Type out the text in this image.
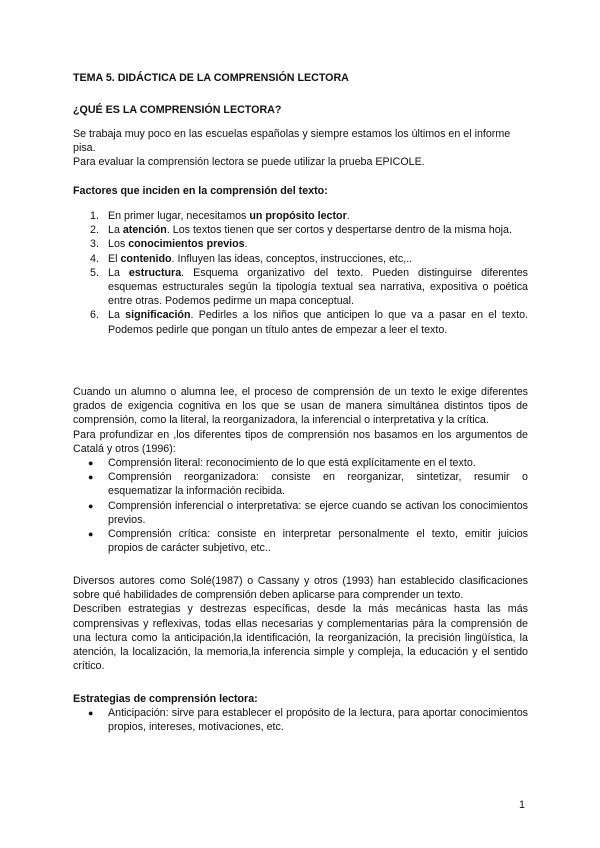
TEMA 5. DIDÁCTICA DE LA COMPRENSIÓN LECTORA
¿QUÉ ES LA COMPRENSIÓN LECTORA?

Se trabaja muy poco en las escuelas españolas y siempre estamos los últimos en el informe pisa.

Para evaluar la comprensión lectora se puede utilizar la prueba EPICOLE.

Factores que inciden en la comprensión del texto:

1. En primer lugar, necesitamos un propósito lector.
2. La atención. Los textos tienen que ser cortos y despertarse dentro de la misma hoja.
3. Los conocimientos previos.
4. El contenido. Influyen las ideas, conceptos, instrucciones, etc,..
5. La estructura. Esquema organizativo del texto. Pueden distinguirse diferentes esquemas estructurales según la tipología textual sea narrativa, expositiva o poética entre otras. Podemos pedirme un mapa conceptual.
6. La significación. Pedirles a los niños que anticipen lo que va a pasar en el texto. Podemos pedirle que pongan un título antes de empezar a leer el texto.

Cuando un alumno o alumna lee, el proceso de comprensión de un texto le exige diferentes grados de exigencia cognitiva en los que se usan de manera simultánea distintos tipos de comprensión, como la literal, la reorganizadora, la inferencial o interpretativa y la crítica.

Para profundizar en ,los diferentes tipos de comprensión nos basamos en los argumentos de Catalá y otros (1996):

● Comprensión literal: reconocimiento de lo que está explícitamente en el texto.
● Comprensión reorganizadora: consiste en reorganizar, sintetizar, resumir o esquematizar la información recibida.
● Comprensión inferencial o interpretativa: se ejerce cuando se activan los conocimientos previos.
● Comprensión crítica: consiste en interpretar personalmente el texto, emitir juicios propios de carácter subjetivo, etc..

Diversos autores como Solé(1987) o Cassany y otros (1993) han establecido clasificaciones sobre qué habilidades de comprensión deben aplicarse para comprender un texto.

Describen estrategias y destrezas específicas, desde la más mecánicas hasta las más comprensivas y reflexivas, todas ellas necesarias y complementarias pára la comprensión de una lectura como la anticipación,la identificación, la reorganización, la precisión lingüística, la atención, la localización, la memoria,la inferencia simple y compleja, la educación y el sentido crítico.

Estrategias de comprensión lectora:

● Anticipación: sirve para establecer el propósito de la lectura, para aportar conocimientos propios, intereses, motivaciones, etc.
1
